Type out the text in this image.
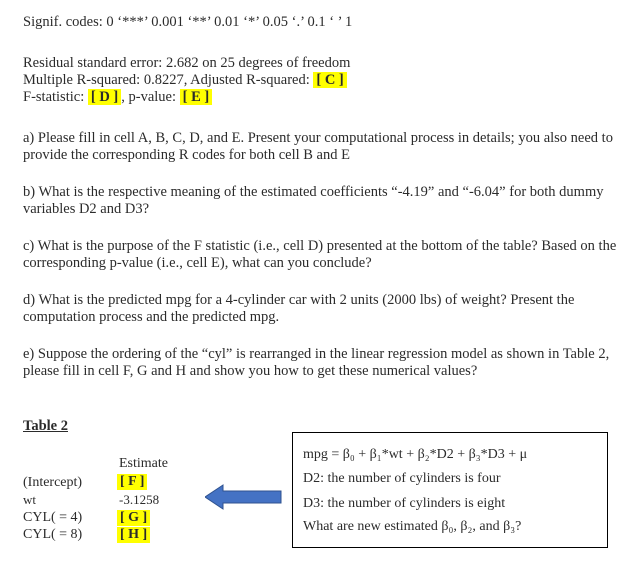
Signif. codes: 0 ‘***’ 0.001 ‘**’ 0.01 ‘*’ 0.05 ‘.’ 0.1 ‘ ’ 1
Residual standard error: 2.682 on 25 degrees of freedom
Multiple R-squared: 0.8227, Adjusted R-squared: [ C ]
F-statistic: [ D ] , p-value: [ E ]
a) Please fill in cell A, B, C, D, and E. Present your computational process in details; you also need to provide the corresponding R codes for both cell B and E
b) What is the respective meaning of the estimated coefficients “-4.19” and “-6.04” for both dummy variables D2 and D3?
c) What is the purpose of the F statistic (i.e., cell D) presented at the bottom of the table? Based on the corresponding p-value (i.e., cell E), what can you conclude?
d) What is the predicted mpg for a 4-cylinder car with 2 units (2000 lbs) of weight? Present the computation process and the predicted mpg.
e) Suppose the ordering of the “cyl” is rearranged in the linear regression model as shown in Table 2, please fill in cell F, G and H and show you how to get these numerical values?
Table 2
Estimate
(Intercept)	[ F ]
wt	-3.1258
CYL( = 4)	[ G ]
CYL( = 8)	[ H ]
mpg = β₀ + β₁*wt + β₂*D2 + β₃*D3 + μ
D2: the number of cylinders is four
D3: the number of cylinders is eight
What are new estimated β₀, β₂, and β₃?
